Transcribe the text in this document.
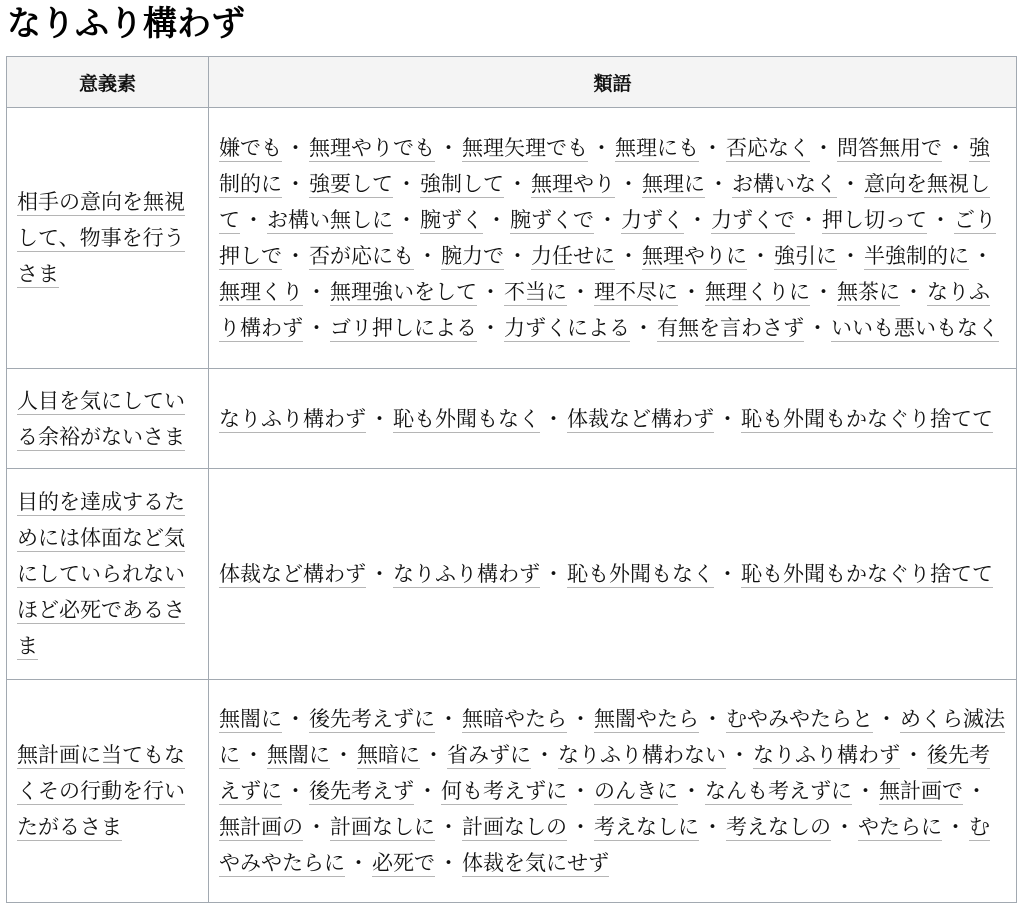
なりふり構わず
意義素	類語
相手の意向を無視して、物事を行うさま	嫌でも ・ 無理やりでも ・ 無理矢理でも ・ 無理にも ・ 否応なく ・ 問答無用で ・ 強制的に ・ 強要して ・ 強制して ・ 無理やり ・ 無理に ・ お構いなく ・ 意向を無視して ・ お構い無しに ・ 腕ずく ・ 腕ずくで ・ 力ずく ・ 力ずくで ・ 押し切って ・ ごり押しで ・ 否が応にも ・ 腕力で ・ 力任せに ・ 無理やりに ・ 強引に ・ 半強制的に ・無理くり ・ 無理強いをして ・ 不当に ・ 理不尽に ・ 無理くりに ・ 無茶に ・ なりふり構わず ・ ゴリ押しによる ・ 力ずくによる ・ 有無を言わさず ・ いいも悪いもなく

人目を気にしている余裕がないさま	なりふり構わず ・ 恥も外聞もなく ・ 体裁など構わず ・ 恥も外聞もかなぐり捨てて

目的を達成するためには体面など気にしていられないほど必死であるさま	体裁など構わず ・ なりふり構わず ・ 恥も外聞もなく ・ 恥も外聞もかなぐり捨てて

無計画に当てもなくその行動を行いたがるさま	無闇に ・ 後先考えずに ・ 無暗やたら ・ 無闇やたら ・ むやみやたらと ・ めくら滅法に ・ 無闇に ・ 無暗に ・ 省みずに ・ なりふり構わない ・ なりふり構わず ・ 後先考えずに ・ 後先考えず ・ 何も考えずに ・ のんきに ・ なんも考えずに ・ 無計画で ・無計画の ・ 計画なしに ・ 計画なしの ・ 考えなしに ・ 考えなしの ・ やたらに ・ むやみやたらに ・ 必死で ・ 体裁を気にせず
